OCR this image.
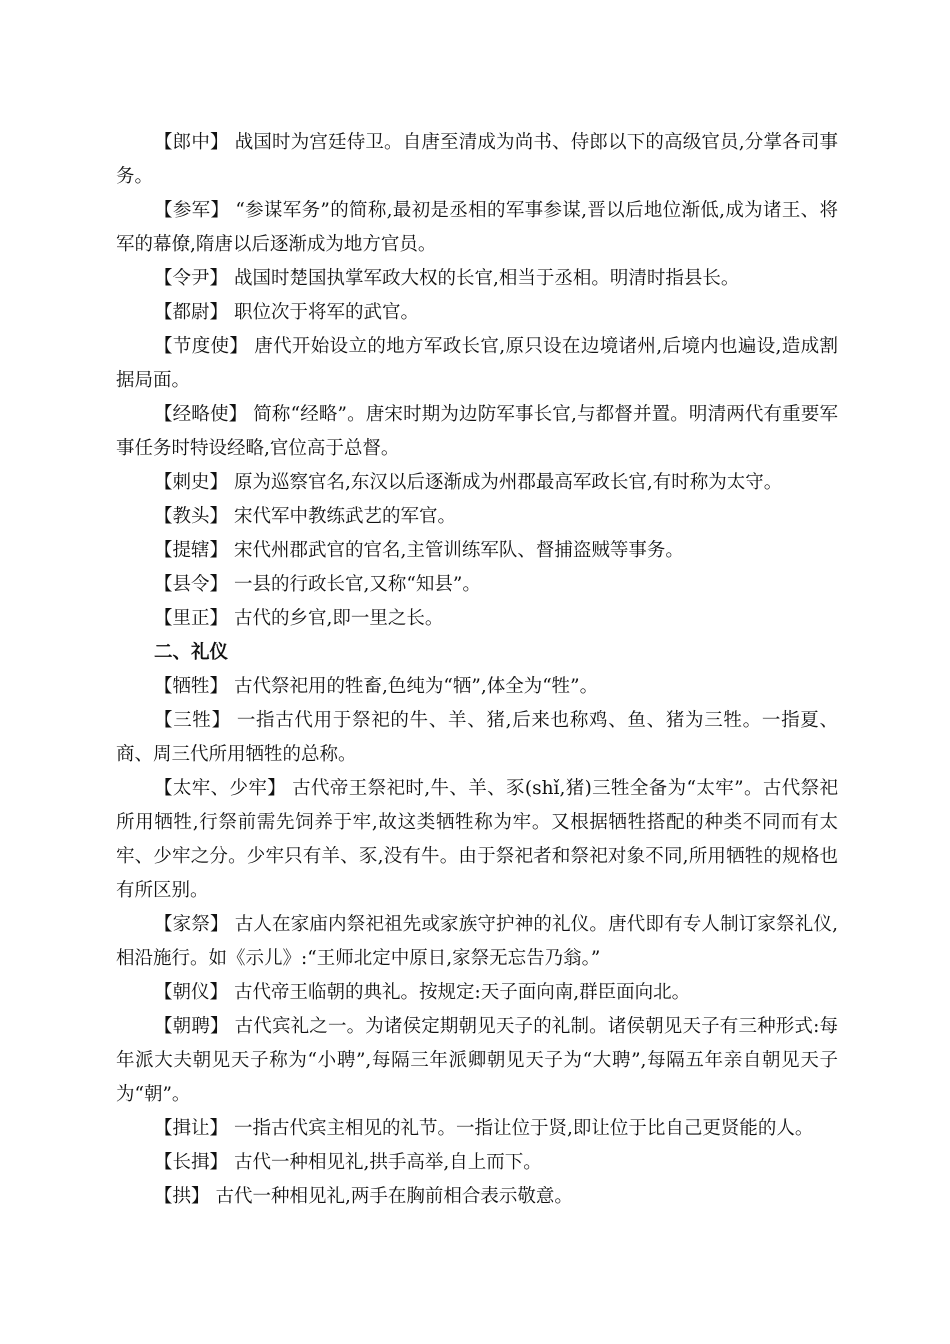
【郎中】 战国时为宫廷侍卫。自唐至清成为尚书、侍郎以下的高级官员,分掌各司事务。

【参军】 “参谋军务”的简称,最初是丞相的军事参谋,晋以后地位渐低,成为诸王、将军的幕僚,隋唐以后逐渐成为地方官员。

【令尹】 战国时楚国执掌军政大权的长官,相当于丞相。明清时指县长。

【都尉】 职位次于将军的武官。

【节度使】 唐代开始设立的地方军政长官,原只设在边境诸州,后境内也遍设,造成割据局面。

【经略使】 简称“经略”。唐宋时期为边防军事长官,与都督并置。明清两代有重要军事任务时特设经略,官位高于总督。

【刺史】 原为巡察官名,东汉以后逐渐成为州郡最高军政长官,有时称为太守。

【教头】 宋代军中教练武艺的军官。

【提辖】 宋代州郡武官的官名,主管训练军队、督捕盗贼等事务。

【县令】 一县的行政长官,又称“知县”。

【里正】 古代的乡官,即一里之长。

二、礼仪

【牺牲】 古代祭祀用的牲畜,色纯为“牺”,体全为“牲”。

【三牲】 一指古代用于祭祀的牛、羊、猪,后来也称鸡、鱼、猪为三牲。一指夏、商、周三代所用牺牲的总称。

【太牢、少牢】 古代帝王祭祀时,牛、羊、豕(shǐ,猪)三牲全备为“太牢”。古代祭祀所用牺牲,行祭前需先饲养于牢,故这类牺牲称为牢。又根据牺牲搭配的种类不同而有太牢、少牢之分。少牢只有羊、豕,没有牛。由于祭祀者和祭祀对象不同,所用牺牲的规格也有所区别。

【家祭】 古人在家庙内祭祀祖先或家族守护神的礼仪。唐代即有专人制订家祭礼仪,相沿施行。如《示儿》:“王师北定中原日,家祭无忘告乃翁。”

【朝仪】 古代帝王临朝的典礼。按规定:天子面向南,群臣面向北。

【朝聘】 古代宾礼之一。为诸侯定期朝见天子的礼制。诸侯朝见天子有三种形式:每年派大夫朝见天子称为“小聘”,每隔三年派卿朝见天子为“大聘”,每隔五年亲自朝见天子为“朝”。

【揖让】 一指古代宾主相见的礼节。一指让位于贤,即让位于比自己更贤能的人。

【长揖】 古代一种相见礼,拱手高举,自上而下。

【拱】 古代一种相见礼,两手在胸前相合表示敬意。
